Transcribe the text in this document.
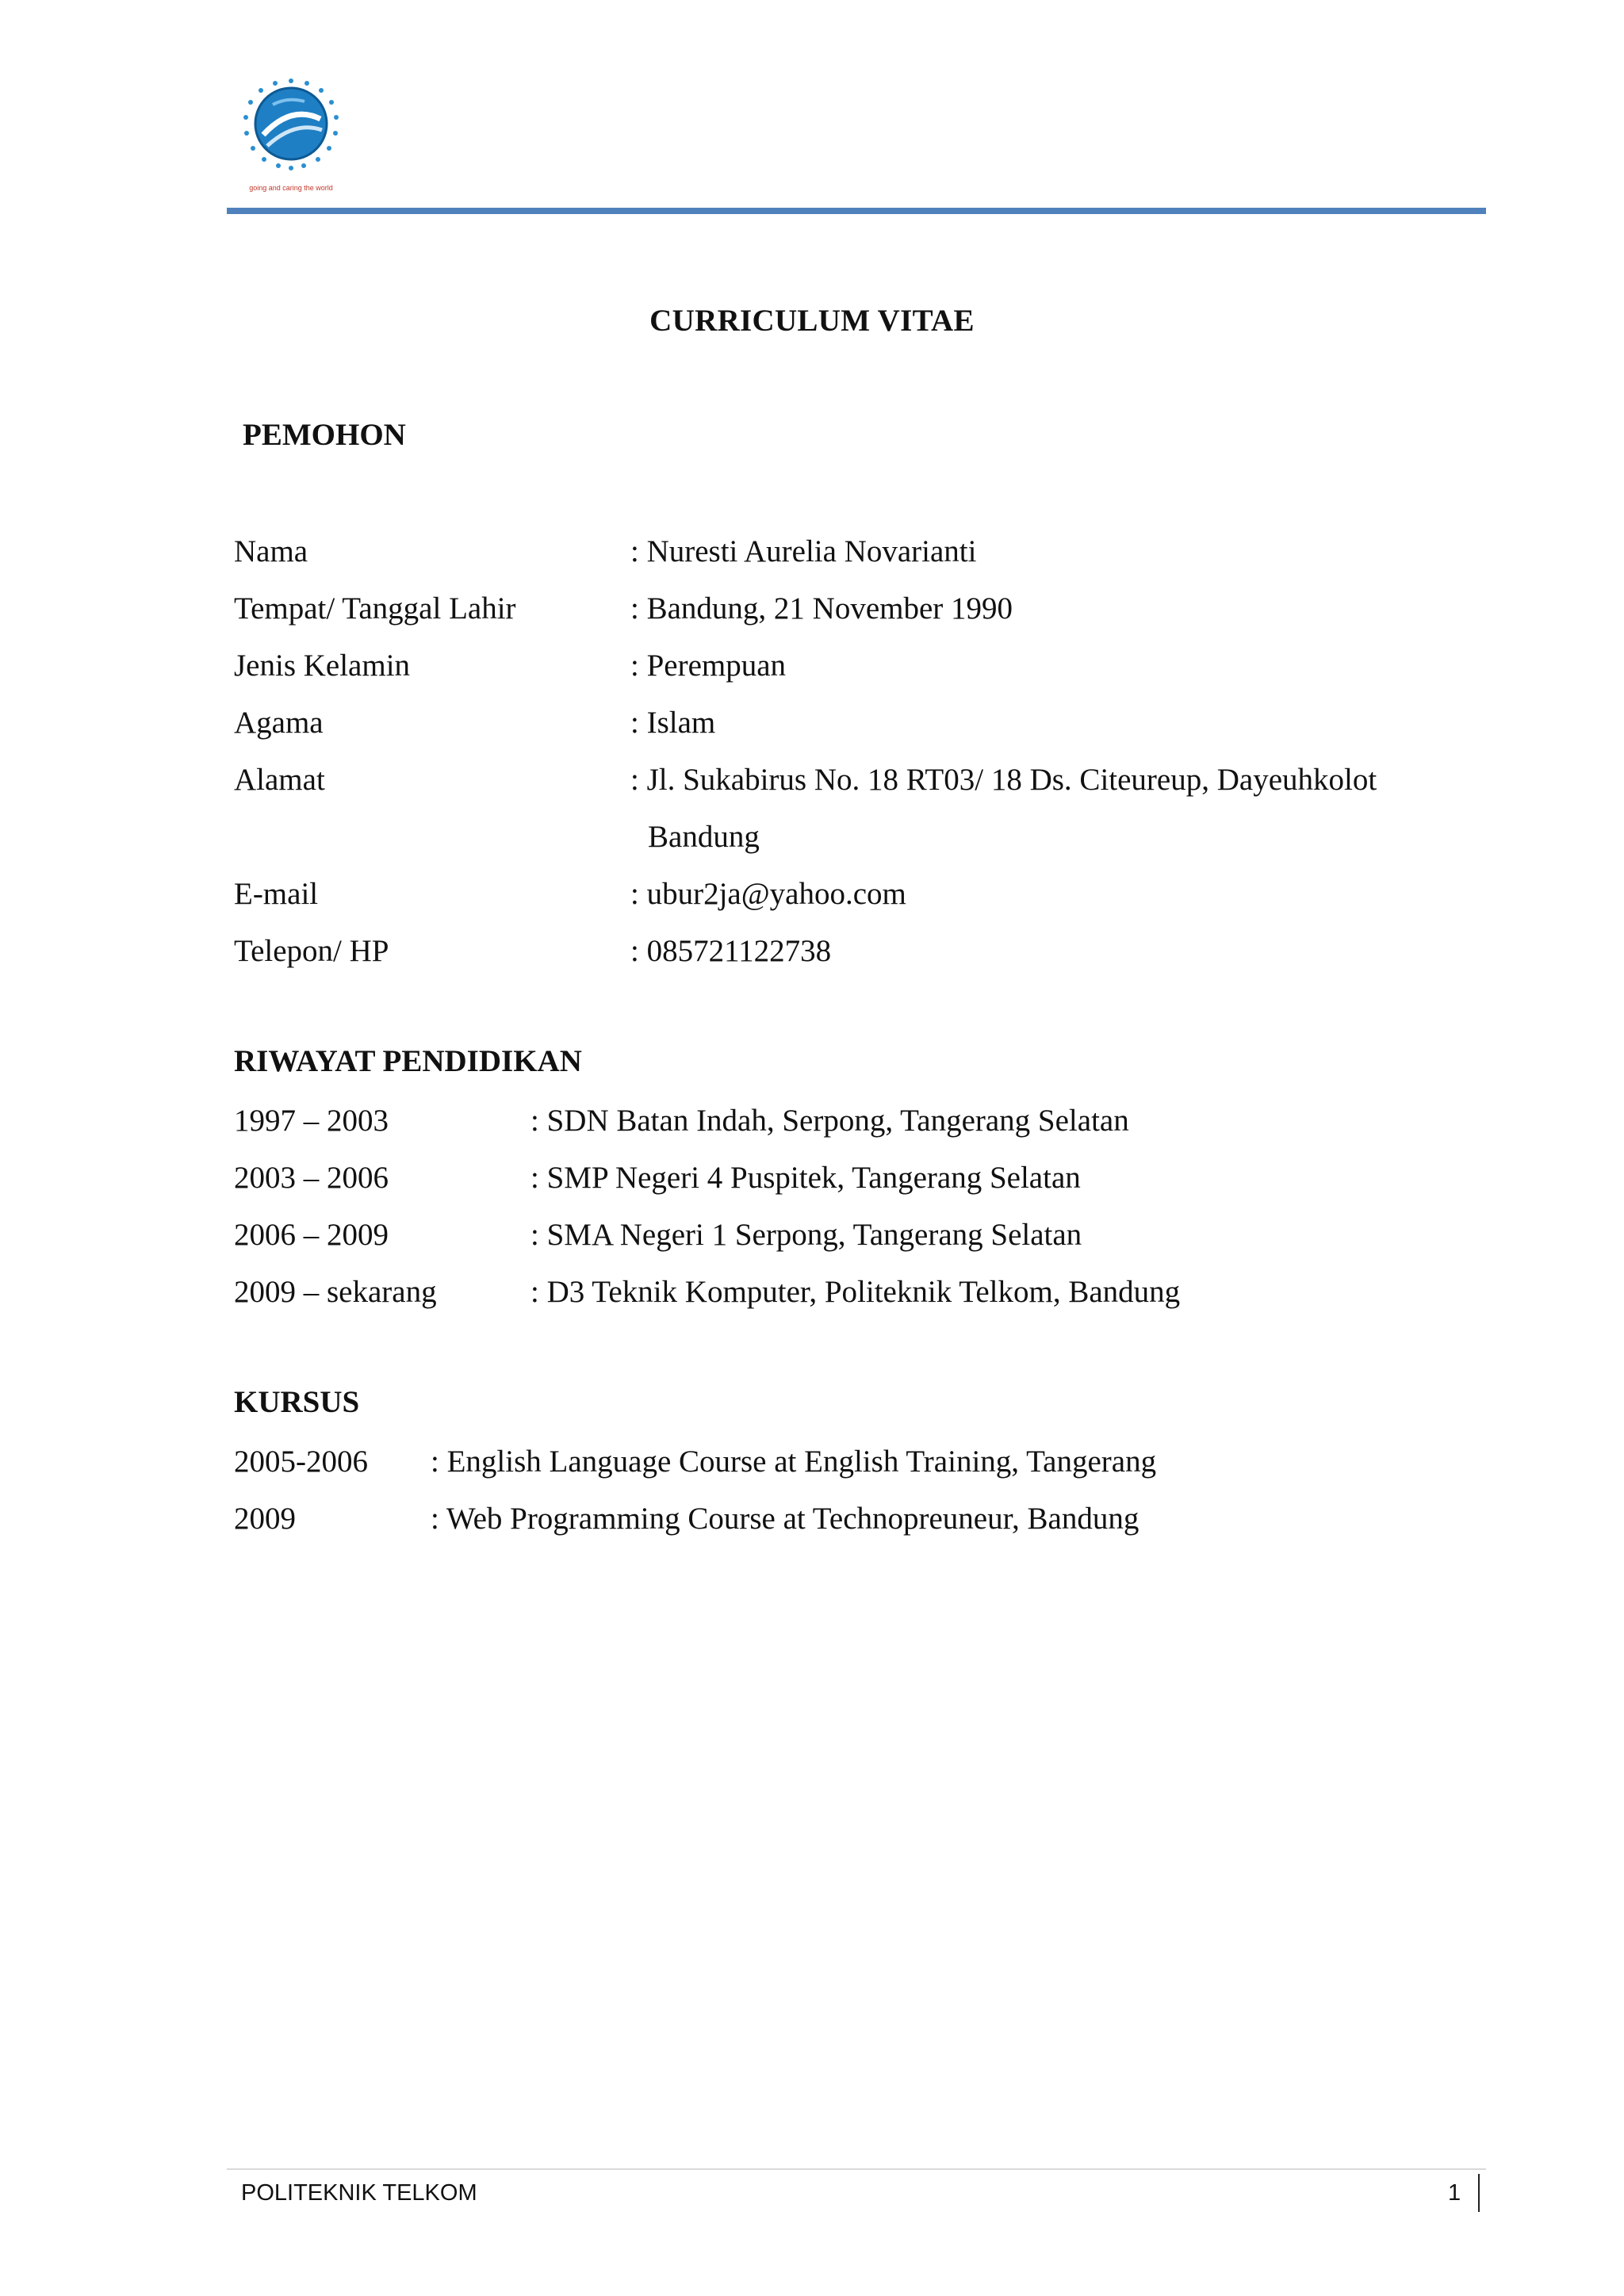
going and caring the world
CURRICULUM VITAE
PEMOHON
Nama	: Nuresti Aurelia Novarianti
Tempat/ Tanggal Lahir	: Bandung, 21 November 1990
Jenis Kelamin	: Perempuan
Agama	: Islam
Alamat	: Jl. Sukabirus No. 18 RT03/ 18 Ds. Citeureup, Dayeuhkolot
Bandung
E-mail	: ubur2ja@yahoo.com
Telepon/ HP	: 085721122738
RIWAYAT PENDIDIKAN
1997 – 2003	: SDN Batan Indah, Serpong, Tangerang Selatan
2003 – 2006	: SMP Negeri 4 Puspitek, Tangerang Selatan
2006 – 2009	: SMA Negeri 1 Serpong, Tangerang Selatan
2009 – sekarang	: D3 Teknik Komputer, Politeknik Telkom, Bandung
KURSUS
2005-2006 : English Language Course at English Training, Tangerang
2009	: Web Programming Course at Technopreuneur, Bandung
POLITEKNIK TELKOM	1
